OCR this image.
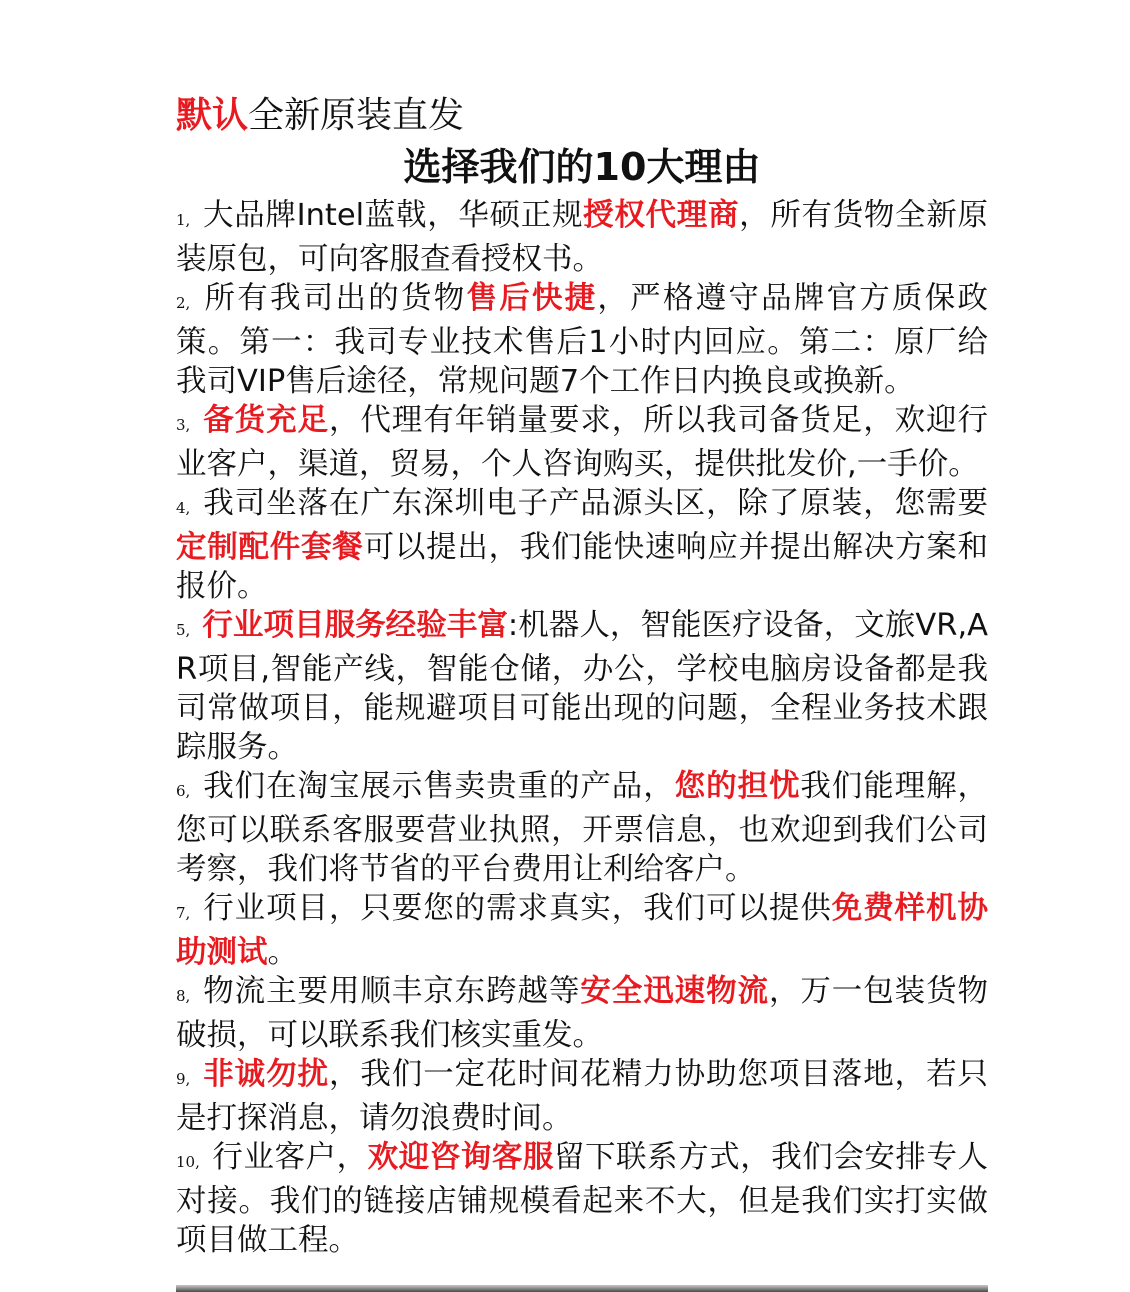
默认全新原装直发
选择我们的10大理由

1, 大品牌Intel蓝戟，华硕正规授权代理商，所有货物全新原装原包，可向客服查看授权书。

2, 所有我司出的货物售后快捷，严格遵守品牌官方质保政策。第一：我司专业技术售后1小时内回应。第二：原厂给我司VIP售后途径，常规问题7个工作日内换良或换新。

3, 备货充足，代理有年销量要求，所以我司备货足，欢迎行业客户，渠道，贸易，个人咨询购买，提供批发价,一手价。

4, 我司坐落在广东深圳电子产品源头区，除了原装，您需要定制配件套餐可以提出，我们能快速响应并提出解决方案和报价。

5, 行业项目服务经验丰富:机器人，智能医疗设备，文旅VR,AR项目,智能产线，智能仓储，办公，学校电脑房设备都是我司常做项目，能规避项目可能出现的问题，全程业务技术跟踪服务。

6, 我们在淘宝展示售卖贵重的产品，您的担忧我们能理解，您可以联系客服要营业执照，开票信息，也欢迎到我们公司考察，我们将节省的平台费用让利给客户。

7, 行业项目，只要您的需求真实，我们可以提供免费样机协助测试。

8, 物流主要用顺丰京东跨越等安全迅速物流，万一包装货物破损，可以联系我们核实重发。

9, 非诚勿扰，我们一定花时间花精力协助您项目落地，若只是打探消息，请勿浪费时间。

10, 行业客户，欢迎咨询客服留下联系方式，我们会安排专人对接。我们的链接店铺规模看起来不大，但是我们实打实做项目做工程。
